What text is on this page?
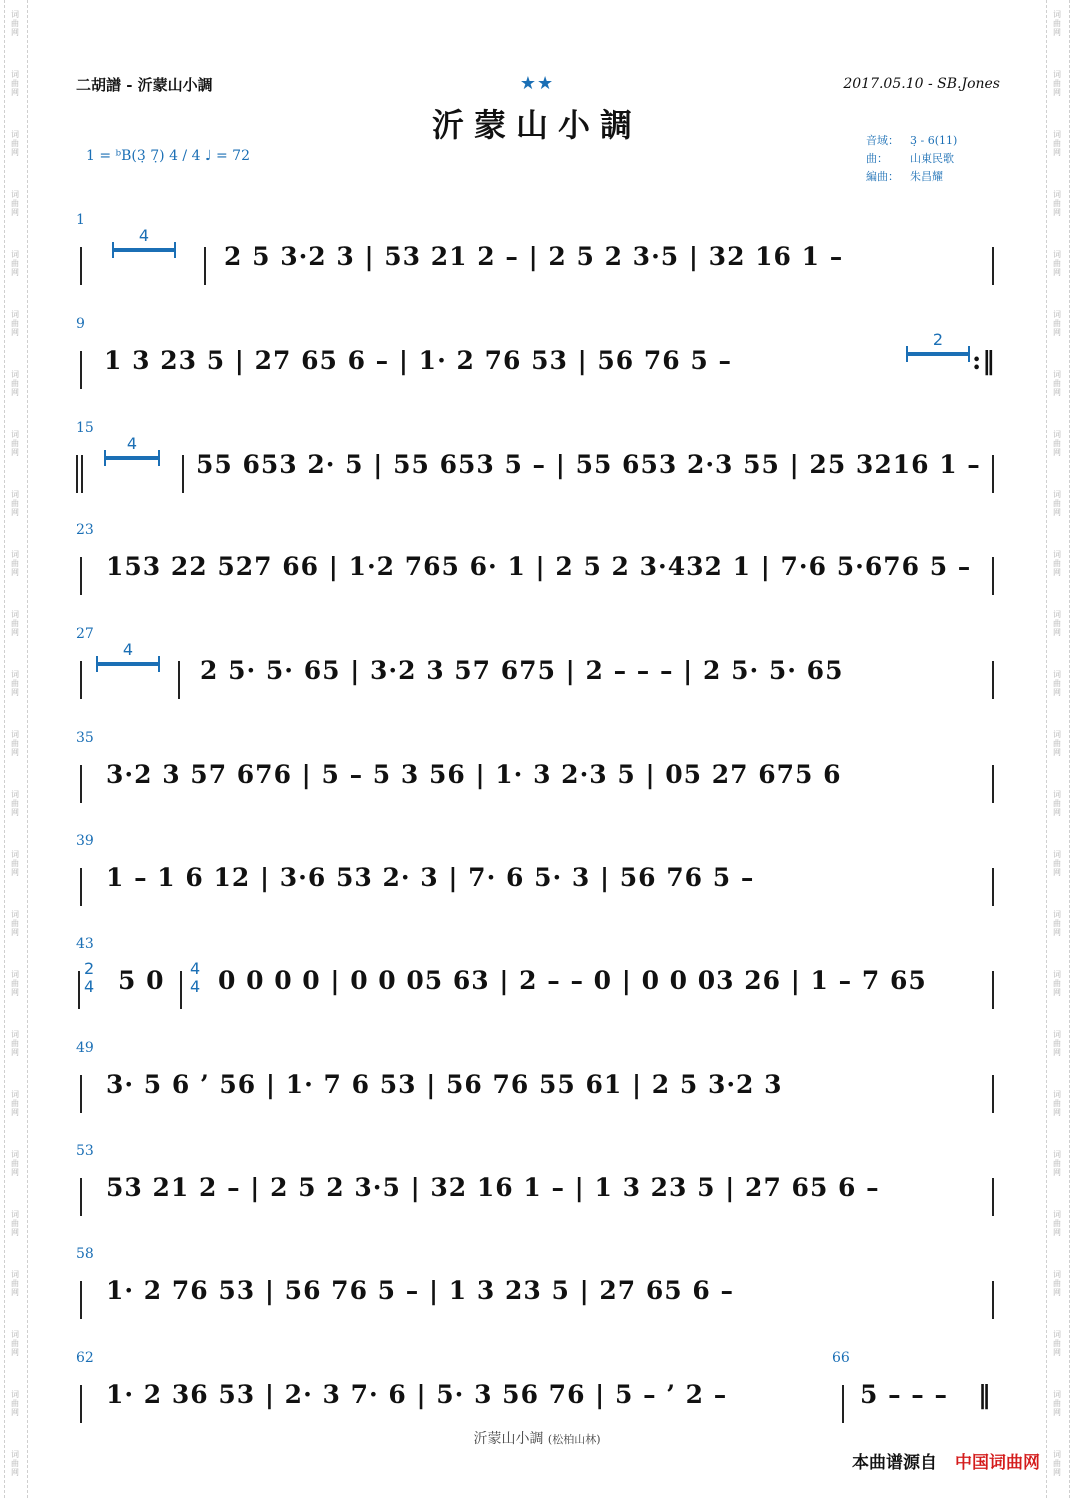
词
曲
网
词
曲
网
词
曲
网
词
曲
网
词
曲
网
词
曲
网
词
曲
网
词
曲
网
词
曲
网
词
曲
网
词
曲
网
词
曲
网
词
曲
网
词
曲
网
词
曲
网
词
曲
网
词
曲
网
词
曲
网
词
曲
网
词
曲
网
词
曲
网
词
曲
网
词
曲
网
词
曲
网
词
曲
网
词
曲
网
词
曲
网
词
曲
网
词
曲
网
词
曲
网
词
曲
网
词
曲
网
词
曲
网
词
曲
网
词
曲
网
词
曲
网
词
曲
网
词
曲
网
词
曲
网
词
曲
网
词
曲
网
词
曲
网
词
曲
网
词
曲
网
词
曲
网
词
曲
网
词
曲
网
词
曲
网
词
曲
网
词
曲
网
二胡譜 - 沂蒙山小調	2017.05.10 - SB.Jones
★★
沂蒙山小調
1 = ᵇB(3̣ 7̣) 4 / 4 ♩ = 72
音域： 3̣ - 6(11)
曲： 山東民歌
編曲： 朱昌耀
1
4
2 5 3·2 3 | 53 21 2 – | 2 5 2 3·5 | 32 16 1 –
9
1 3 23 5 | 27 65 6 – | 1· 2 76 53 | 56 76 5 –
2
:‖
15
4
55 653 2· 5 | 55 653 5 – | 55 653 2·3 55 | 25 3216 1 –
23
153 22 527 66 | 1·2 765 6· 1 | 2 5 2 3·432 1 | 7·6 5·676 5 –
27
4
2 5· 5· 65 | 3·2 3 57 675 | 2 – – – | 2 5· 5· 65
35
3·2 3 57 676 | 5 – 5 3 56 | 1· 3 2·3 5 | 05 27 675 6
39
1 – 1 6 12 | 3·6 53 2· 3 | 7· 6 5· 3 | 56 76 5 –
43
2
4 5 0 4
4 0 0 0 0 | 0 0 05 63 | 2 – – 0 | 0 0 03 26 | 1 – 7 65
49
3· 5 6 ’ 56 | 1· 7 6 53 | 56 76 55 61 | 2 5 3·2 3
53
53 21 2 – | 2 5 2 3·5 | 32 16 1 – | 1 3 23 5 | 27 65 6 –
58
1· 2 76 53 | 56 76 5 – | 1 3 23 5 | 27 65 6 –
62
1· 2 36 53 | 2· 3 7· 6 | 5· 3 56 76 | 5 – ’ 2 –
66
5 – – – ‖
沂蒙山小調 (松柏山林)
本曲谱源自 中国词曲网
